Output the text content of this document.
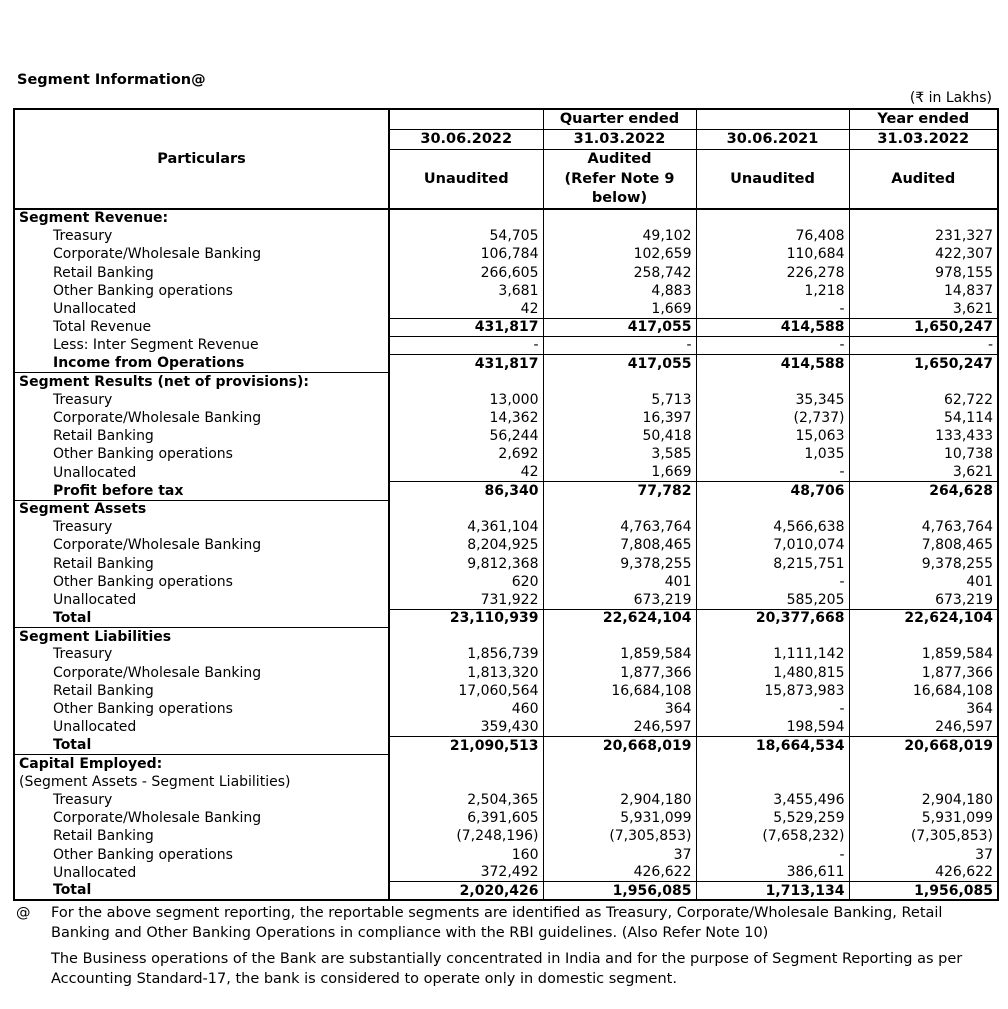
Segment Information@
(₹ in Lakhs)
Particulars		Quarter ended		Year ended
	30.06.2022	31.03.2022	30.06.2021	31.03.2022
	Unaudited	Audited	Unaudited	Audited
		(Refer Note 9		
		below)		
Segment Revenue:				
Treasury	54,705	49,102	76,408	231,327
Corporate/Wholesale Banking	106,784	102,659	110,684	422,307
Retail Banking	266,605	258,742	226,278	978,155
Other Banking operations	3,681	4,883	1,218	14,837
Unallocated	42	1,669	-	3,621
Total Revenue	431,817	417,055	414,588	1,650,247
Less: Inter Segment Revenue	-	-	-	-
Income from Operations	431,817	417,055	414,588	1,650,247
Segment Results (net of provisions):				
Treasury	13,000	5,713	35,345	62,722
Corporate/Wholesale Banking	14,362	16,397	(2,737)	54,114
Retail Banking	56,244	50,418	15,063	133,433
Other Banking operations	2,692	3,585	1,035	10,738
Unallocated	42	1,669	-	3,621
Profit before tax	86,340	77,782	48,706	264,628
Segment Assets				
Treasury	4,361,104	4,763,764	4,566,638	4,763,764
Corporate/Wholesale Banking	8,204,925	7,808,465	7,010,074	7,808,465
Retail Banking	9,812,368	9,378,255	8,215,751	9,378,255
Other Banking operations	620	401	-	401
Unallocated	731,922	673,219	585,205	673,219
Total	23,110,939	22,624,104	20,377,668	22,624,104
Segment Liabilities				
Treasury	1,856,739	1,859,584	1,111,142	1,859,584
Corporate/Wholesale Banking	1,813,320	1,877,366	1,480,815	1,877,366
Retail Banking	17,060,564	16,684,108	15,873,983	16,684,108
Other Banking operations	460	364	-	364
Unallocated	359,430	246,597	198,594	246,597
Total	21,090,513	20,668,019	18,664,534	20,668,019
Capital Employed:				
(Segment Assets - Segment Liabilities)				
Treasury	2,504,365	2,904,180	3,455,496	2,904,180
Corporate/Wholesale Banking	6,391,605	5,931,099	5,529,259	5,931,099
Retail Banking	(7,248,196)	(7,305,853)	(7,658,232)	(7,305,853)
Other Banking operations	160	37	-	37
Unallocated	372,492	426,622	386,611	426,622
Total	2,020,426	1,956,085	1,713,134	1,956,085
@ For the above segment reporting, the reportable segments are identified as Treasury, Corporate/Wholesale Banking, Retail Banking and Other Banking Operations in compliance with the RBI guidelines. (Also Refer Note 10)

The Business operations of the Bank are substantially concentrated in India and for the purpose of Segment Reporting as per Accounting Standard-17, the bank is considered to operate only in domestic segment.
